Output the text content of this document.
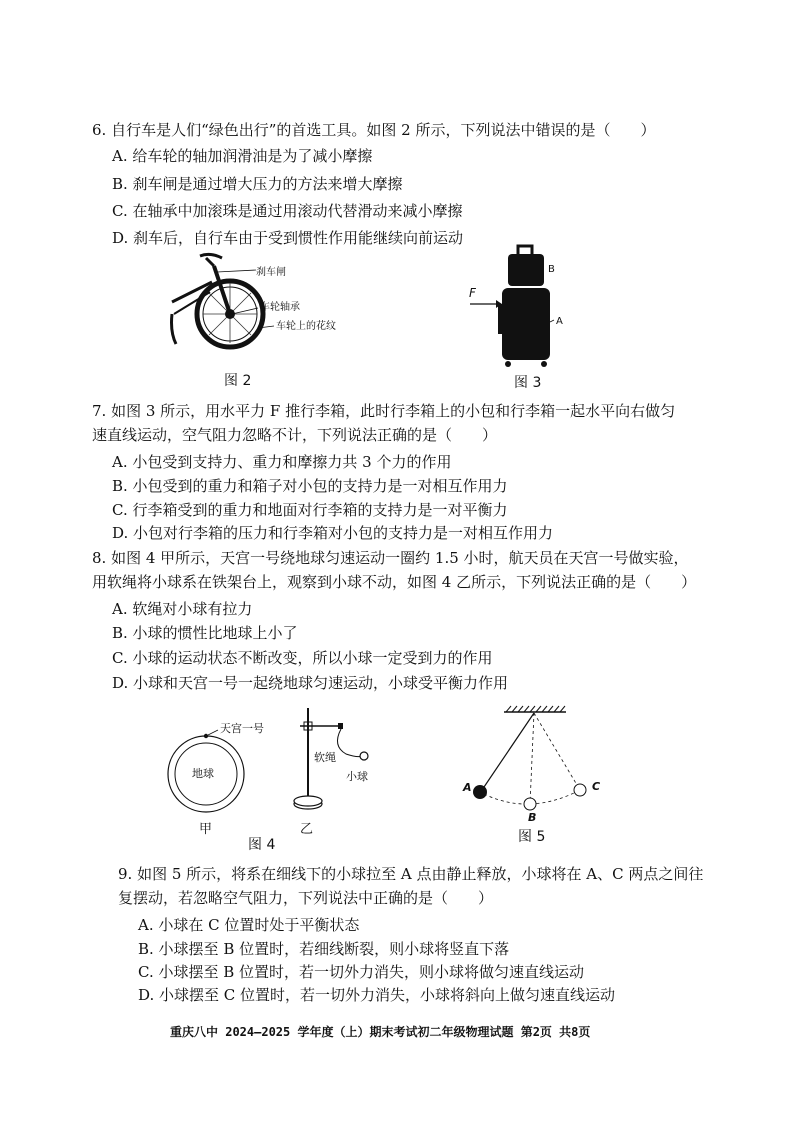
6. 自行车是人们“绿色出行”的首选工具。如图 2 所示，下列说法中错误的是（　　）
A. 给车轮的轴加润滑油是为了减小摩擦
B. 刹车闸是通过增大压力的方法来增大摩擦
C. 在轴承中加滚珠是通过用滚动代替滑动来减小摩擦
D. 刹车后，自行车由于受到惯性作用能继续向前运动
刹车闸
车轮轴承
车轮上的花纹
图 2
F
B
A
图 3
7. 如图 3 所示，用水平力 F 推行李箱，此时行李箱上的小包和行李箱一起水平向右做匀
速直线运动，空气阻力忽略不计，下列说法正确的是（　　）
A. 小包受到支持力、重力和摩擦力共 3 个力的作用
B. 小包受到的重力和箱子对小包的支持力是一对相互作用力
C. 行李箱受到的重力和地面对行李箱的支持力是一对平衡力
D. 小包对行李箱的压力和行李箱对小包的支持力是一对相互作用力
8. 如图 4 甲所示，天宫一号绕地球匀速运动一圈约 1.5 小时，航天员在天宫一号做实验，
用软绳将小球系在铁架台上，观察到小球不动，如图 4 乙所示，下列说法正确的是（　　）
A. 软绳对小球有拉力
B. 小球的惯性比地球上小了
C. 小球的运动状态不断改变，所以小球一定受到力的作用
D. 小球和天宫一号一起绕地球匀速运动，小球受平衡力作用
天宫一号
地球
甲
软绳
小球
乙
图 4
A
B
C
图 5
9. 如图 5 所示，将系在细线下的小球拉至 A 点由静止释放，小球将在 A、C 两点之间往
复摆动，若忽略空气阻力，下列说法中正确的是（　　）
A. 小球在 C 位置时处于平衡状态
B. 小球摆至 B 位置时，若细线断裂，则小球将竖直下落
C. 小球摆至 B 位置时，若一切外力消失，则小球将做匀速直线运动
D. 小球摆至 C 位置时，若一切外力消失，小球将斜向上做匀速直线运动
重庆八中 2024—2025 学年度（上）期末考试初二年级物理试题 第2页 共8页
